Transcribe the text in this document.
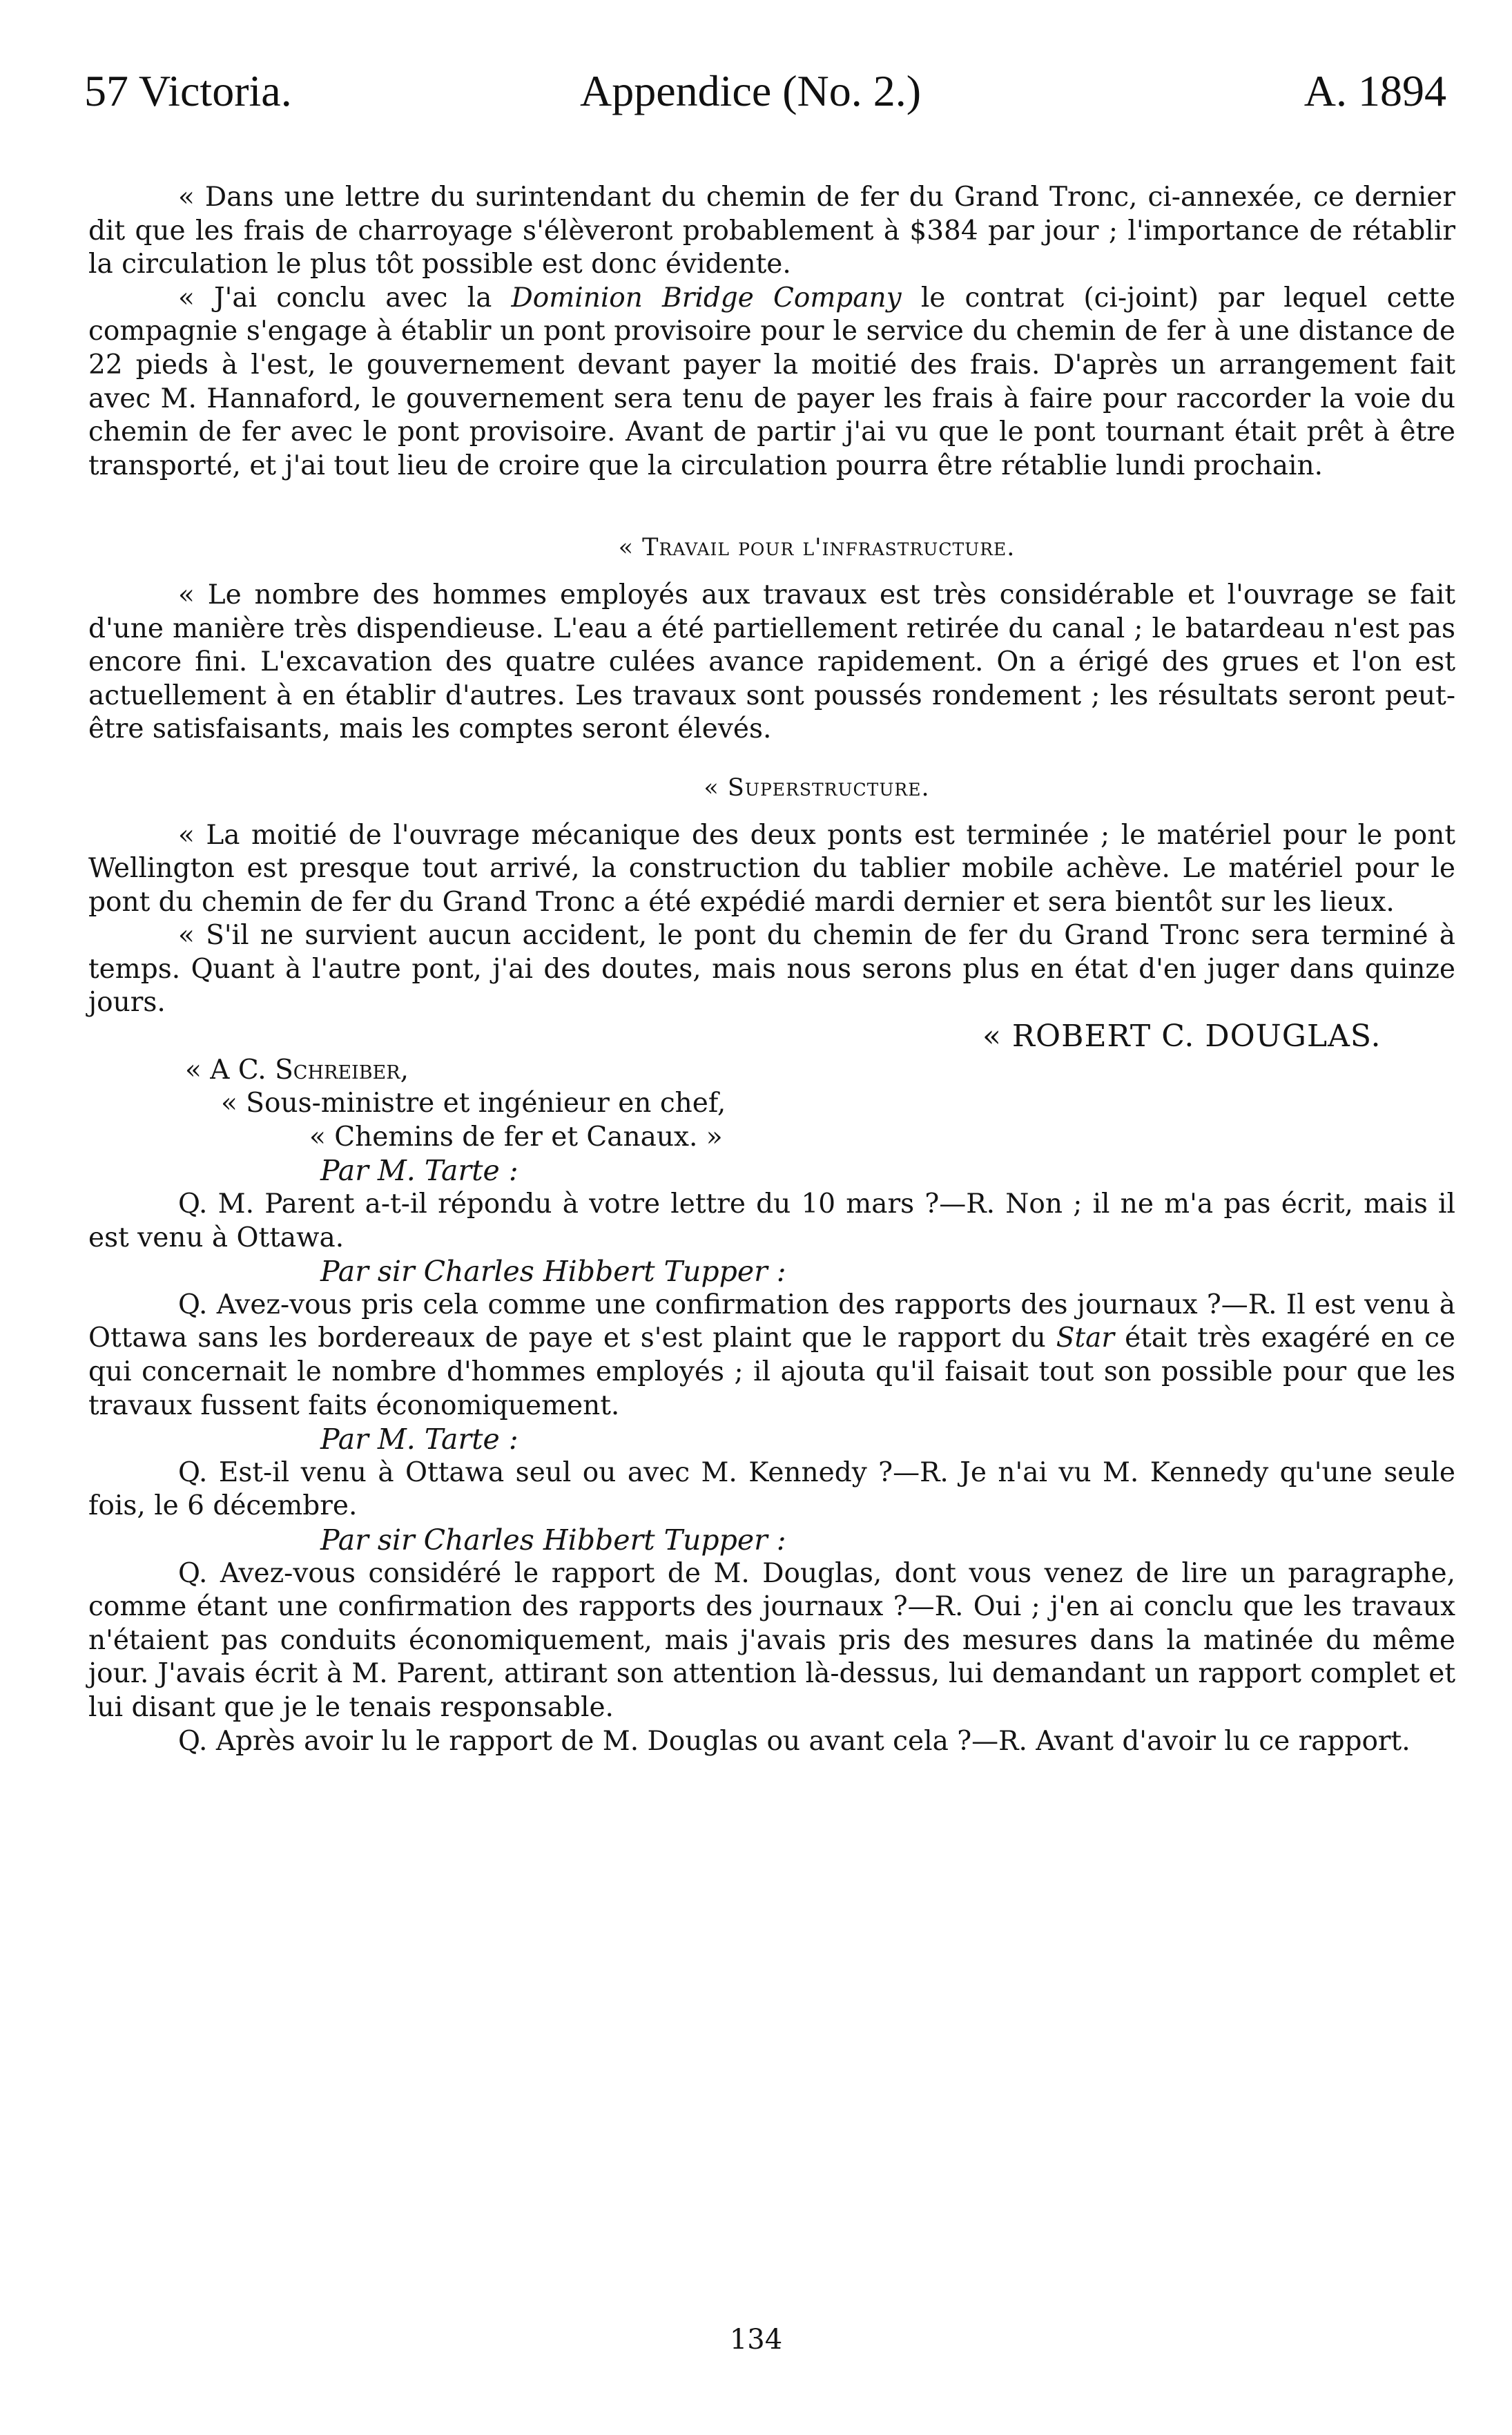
57 Victoria.	Appendice (No. 2.)	A. 1894

« Dans une lettre du surintendant du chemin de fer du Grand Tronc, ci-annexée, ce dernier dit que les frais de charroyage s'élèveront probablement à $384 par jour ; l'importance de rétablir la circulation le plus tôt possible est donc évidente.

« J'ai conclu avec la Dominion Bridge Company le contrat (ci-joint) par lequel cette compagnie s'engage à établir un pont provisoire pour le service du chemin de fer à une distance de 22 pieds à l'est, le gouvernement devant payer la moitié des frais. D'après un arrangement fait avec M. Hannaford, le gouvernement sera tenu de payer les frais à faire pour raccorder la voie du chemin de fer avec le pont provisoire. Avant de partir j'ai vu que le pont tournant était prêt à être transporté, et j'ai tout lieu de croire que la circulation pourra être rétablie lundi prochain.

« Travail pour l'infrastructure.

« Le nombre des hommes employés aux travaux est très considérable et l'ouvrage se fait d'une manière très dispendieuse. L'eau a été partiellement retirée du canal ; le batardeau n'est pas encore fini. L'excavation des quatre culées avance rapidement. On a érigé des grues et l'on est actuellement à en établir d'autres. Les travaux sont poussés rondement ; les résultats seront peut-être satisfaisants, mais les comptes seront élevés.

« Superstructure.

« La moitié de l'ouvrage mécanique des deux ponts est terminée ; le matériel pour le pont Wellington est presque tout arrivé, la construction du tablier mobile achève. Le matériel pour le pont du chemin de fer du Grand Tronc a été expédié mardi dernier et sera bientôt sur les lieux.

« S'il ne survient aucun accident, le pont du chemin de fer du Grand Tronc sera terminé à temps. Quant à l'autre pont, j'ai des doutes, mais nous serons plus en état d'en juger dans quinze jours.

« ROBERT C. DOUGLAS.

« A C. Schreiber,

« Sous-ministre et ingénieur en chef,

« Chemins de fer et Canaux. »

Par M. Tarte :

Q. M. Parent a-t-il répondu à votre lettre du 10 mars ?—R. Non ; il ne m'a pas écrit, mais il est venu à Ottawa.

Par sir Charles Hibbert Tupper :

Q. Avez-vous pris cela comme une confirmation des rapports des journaux ?—R. Il est venu à Ottawa sans les bordereaux de paye et s'est plaint que le rapport du Star était très exagéré en ce qui concernait le nombre d'hommes employés ; il ajouta qu'il faisait tout son possible pour que les travaux fussent faits économiquement.

Par M. Tarte :

Q. Est-il venu à Ottawa seul ou avec M. Kennedy ?—R. Je n'ai vu M. Kennedy qu'une seule fois, le 6 décembre.

Par sir Charles Hibbert Tupper :

Q. Avez-vous considéré le rapport de M. Douglas, dont vous venez de lire un paragraphe, comme étant une confirmation des rapports des journaux ?—R. Oui ; j'en ai conclu que les travaux n'étaient pas conduits économiquement, mais j'avais pris des mesures dans la matinée du même jour. J'avais écrit à M. Parent, attirant son attention là-dessus, lui demandant un rapport complet et lui disant que je le tenais responsable.

Q. Après avoir lu le rapport de M. Douglas ou avant cela ?—R. Avant d'avoir lu ce rapport.

134
